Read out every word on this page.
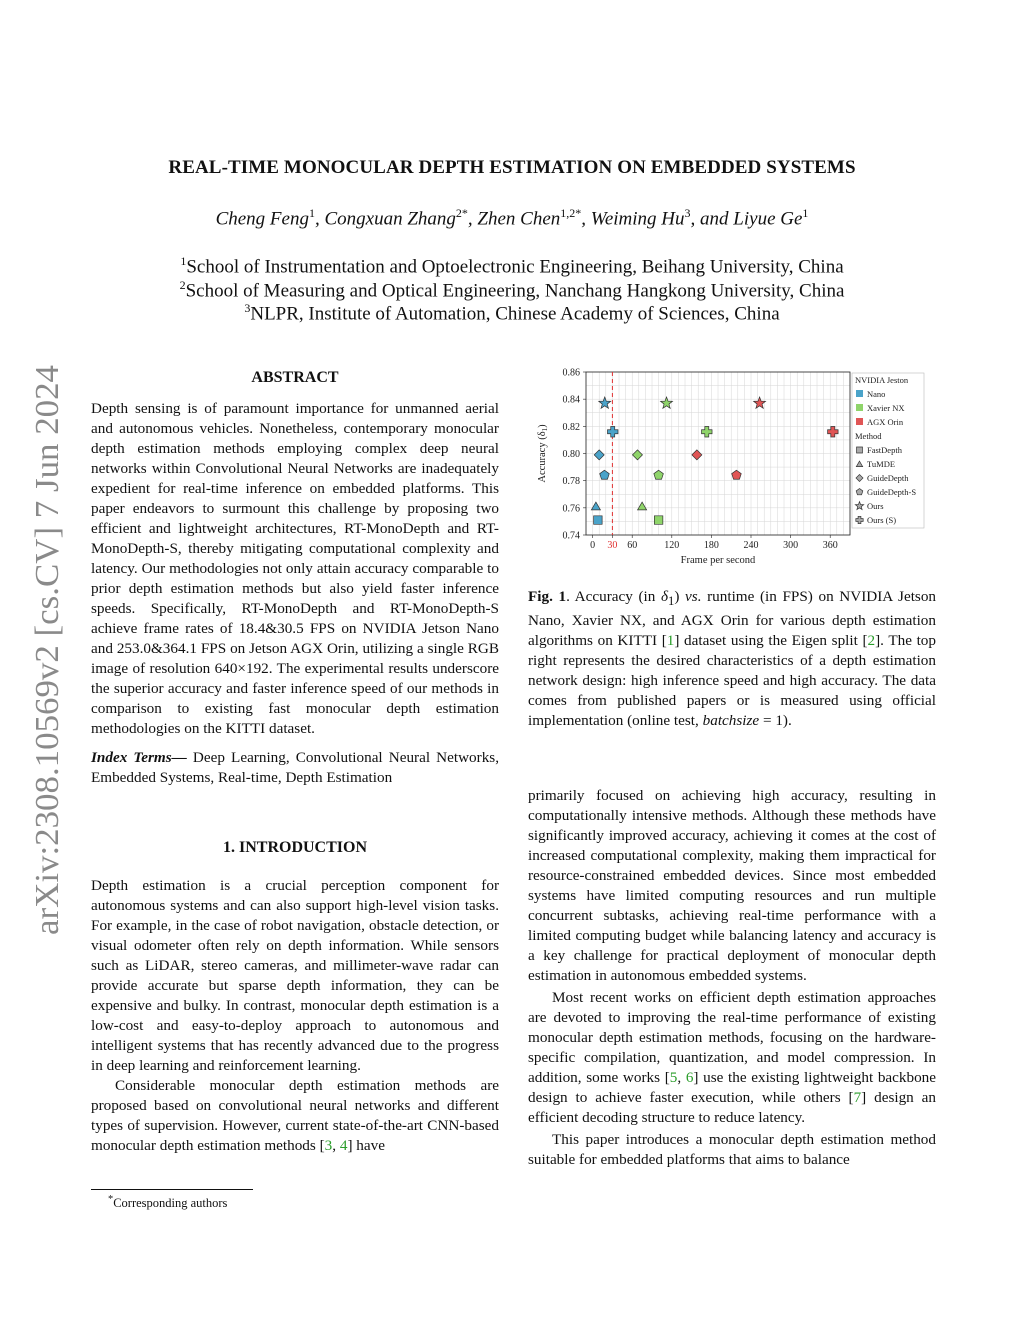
arXiv:2308.10569v2 [cs.CV] 7 Jun 2024
REAL-TIME MONOCULAR DEPTH ESTIMATION ON EMBEDDED SYSTEMS
Cheng Feng$^1$, Congxuan Zhang$^{2*}$, Zhen Chen$^{1,2*}$, Weiming Hu$^3$, and Liyue Ge$^1$
$^1$School of Instrumentation and Optoelectronic Engineering, Beihang University, China
$^2$School of Measuring and Optical Engineering, Nanchang Hangkong University, China
$^3$NLPR, Institute of Automation, Chinese Academy of Sciences, China
ABSTRACT

Depth sensing is of paramount importance for unmanned aerial and autonomous vehicles. Nonetheless, contemporary monocular depth estimation methods employing complex deep neural networks within Convolutional Neural Networks are inadequately expedient for real-time inference on embedded platforms. This paper endeavors to surmount this challenge by proposing two efficient and lightweight architectures, RT-MonoDepth and RT-MonoDepth-S, thereby mitigating computational complexity and latency. Our methodologies not only attain accuracy comparable to prior depth estimation methods but also yield faster inference speeds. Specifically, RT-MonoDepth and RT-MonoDepth-S achieve frame rates of 18.4&30.5 FPS on NVIDIA Jetson Nano and 253.0&364.1 FPS on Jetson AGX Orin, utilizing a single RGB image of resolution 640×192. The experimental results underscore the superior accuracy and faster inference speed of our methods in comparison to existing fast monocular depth estimation methodologies on the KITTI dataset.

Index Terms— Deep Learning, Convolutional Neural Networks, Embedded Systems, Real-time, Depth Estimation

1. INTRODUCTION

Depth estimation is a crucial perception component for autonomous systems and can also support high-level vision tasks. For example, in the case of robot navigation, obstacle detection, or visual odometer often rely on depth information. While sensors such as LiDAR, stereo cameras, and millimeter-wave radar can provide accurate but sparse depth information, they can be expensive and bulky. In contrast, monocular depth estimation is a low-cost and easy-to-deploy approach to autonomous and intelligent systems that has recently advanced due to the progress in deep learning and reinforcement learning.

Considerable monocular depth estimation methods are proposed based on convolutional neural networks and different types of supervision. However, current state-of-the-art CNN-based monocular depth estimation methods [3, 4] have

*Corresponding authors
0 30 60	120 180 240 300 360
0.74
0.76
0.78
0.80
0.82
0.84
0.86
Frame per second
Accuracy (δ1)
NVIDIA Jeston
Nano
Xavier NX
AGX Orin
Method
FastDepth
TuMDE
GuideDepth
GuideDepth-S
Ours
Ours (S)

Fig. 1. Accuracy (in $\delta_1$) vs. runtime (in FPS) on NVIDIA Jetson Nano, Xavier NX, and AGX Orin for various depth estimation algorithms on KITTI [1] dataset using the Eigen split [2]. The top right represents the desired characteristics of a depth estimation network design: high inference speed and high accuracy. The data comes from published papers or is measured using official implementation (online test, batchsize = 1).

primarily focused on achieving high accuracy, resulting in computationally intensive methods. Although these methods have significantly improved accuracy, achieving it comes at the cost of increased computational complexity, making them impractical for resource-constrained embedded devices. Since most embedded systems have limited computing resources and run multiple concurrent subtasks, achieving real-time performance with a limited computing budget while balancing latency and accuracy is a key challenge for practical deployment of monocular depth estimation in autonomous embedded systems.

Most recent works on efficient depth estimation approaches are devoted to improving the real-time performance of existing monocular depth estimation methods, focusing on the hardware-specific compilation, quantization, and model compression. In addition, some works [5, 6] use the existing lightweight backbone design to achieve faster execution, while others [7] design an efficient decoding structure to reduce latency.

This paper introduces a monocular depth estimation method suitable for embedded platforms that aims to balance
